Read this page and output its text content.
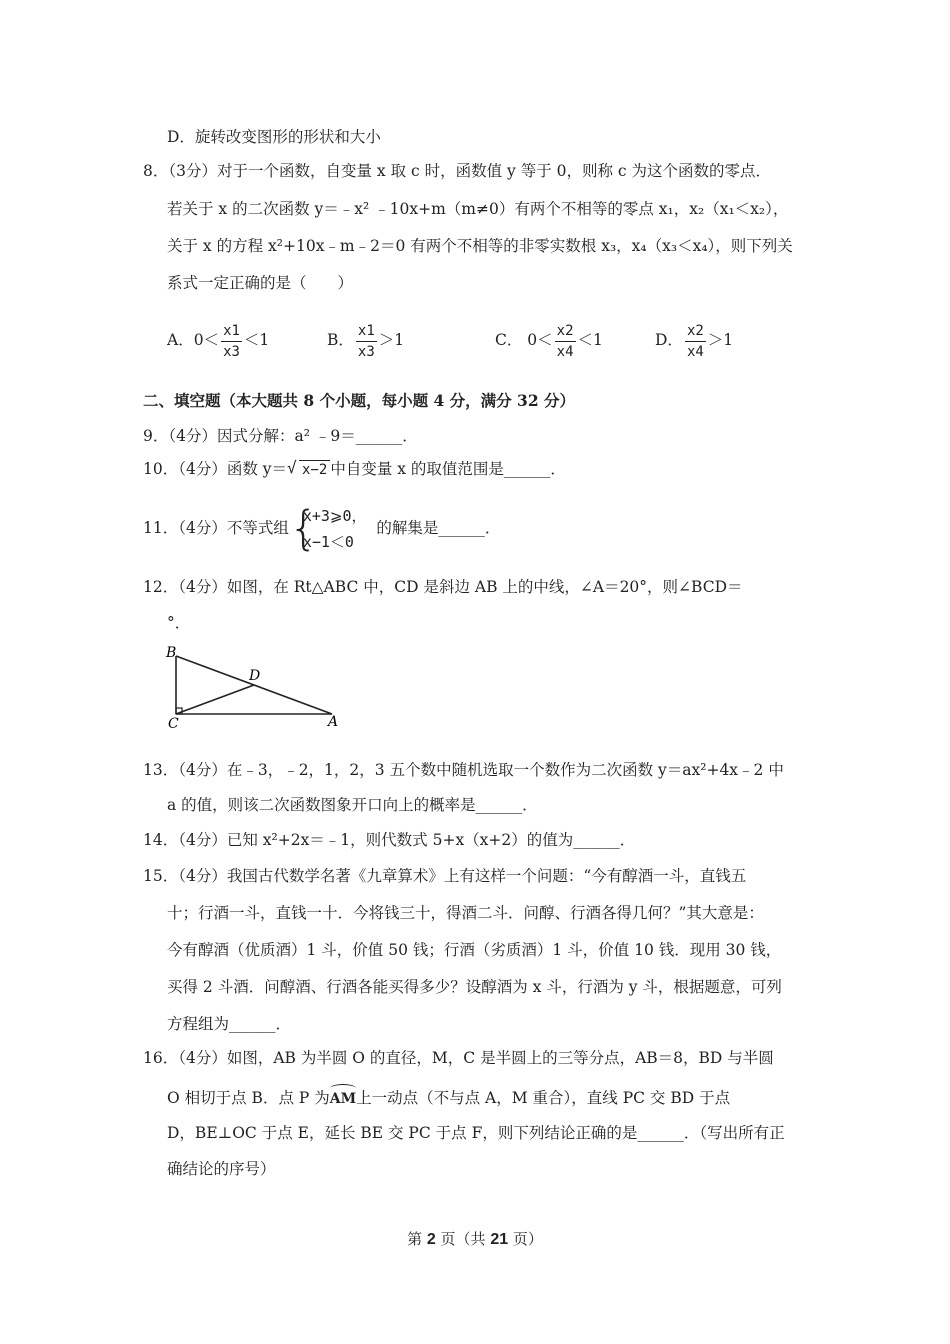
D．旋转改变图形的形状和大小
8．（3分）对于一个函数，自变量 x 取 c 时，函数值 y 等于 0，则称 c 为这个函数的零点．
若关于 x 的二次函数 y＝﹣x² ﹣10x+m（m≠0）有两个不相等的零点 x₁，x₂（x₁＜x₂），
关于 x 的方程 x²+10x﹣m﹣2＝0 有两个不相等的非零实数根 x₃，x₄（x₃＜x₄），则下列关
系式一定正确的是（　　）
A．$0< \frac{x1}{x3} <1$	B． $\frac{x1}{x3} >1$	C． $0< \frac{x2}{x4} <1$	D． $\frac{x2}{x4} >1$
二、填空题（本大题共 8 个小题，每小题 4 分，满分 32 分）
9．（4分）因式分解：a² ﹣9＝______．
10．（4分）函数 y＝√ x−2 中自变量 x 的取值范围是______．
11．（4分）不等式组 {
x+3⩾0，
x−1＜0
的解集是______．
12．（4分）如图，在 Rt△ABC 中，CD 是斜边 AB 上的中线，∠A＝20°，则∠BCD＝
°．
B
C
D
A
13．（4分）在﹣3，﹣2，1，2，3 五个数中随机选取一个数作为二次函数 y＝ax²+4x﹣2 中
a 的值，则该二次函数图象开口向上的概率是______．
14．（4分）已知 x²+2x＝﹣1，则代数式 5+x（x+2）的值为______．
15．（4分）我国古代数学名著《九章算术》上有这样一个问题：“今有醇酒一斗，直钱五
十；行酒一斗，直钱一十．今将钱三十，得酒二斗．问醇、行酒各得几何？”其大意是：
今有醇酒（优质酒）1 斗，价值 50 钱；行酒（劣质酒）1 斗，价值 10 钱．现用 30 钱，
买得 2 斗酒．问醇酒、行酒各能买得多少？设醇酒为 x 斗，行酒为 y 斗，根据题意，可列
方程组为______．
16．（4分）如图，AB 为半圆 O 的直径，M，C 是半圆上的三等分点，AB＝8，BD 与半圆
O 相切于点 B．点 P 为AM上一动点（不与点 A，M 重合），直线 PC 交 BD 于点
D，BE⊥OC 于点 E，延长 BE 交 PC 于点 F，则下列结论正确的是______．（写出所有正
确结论的序号）
第 2 页（共 21 页）
